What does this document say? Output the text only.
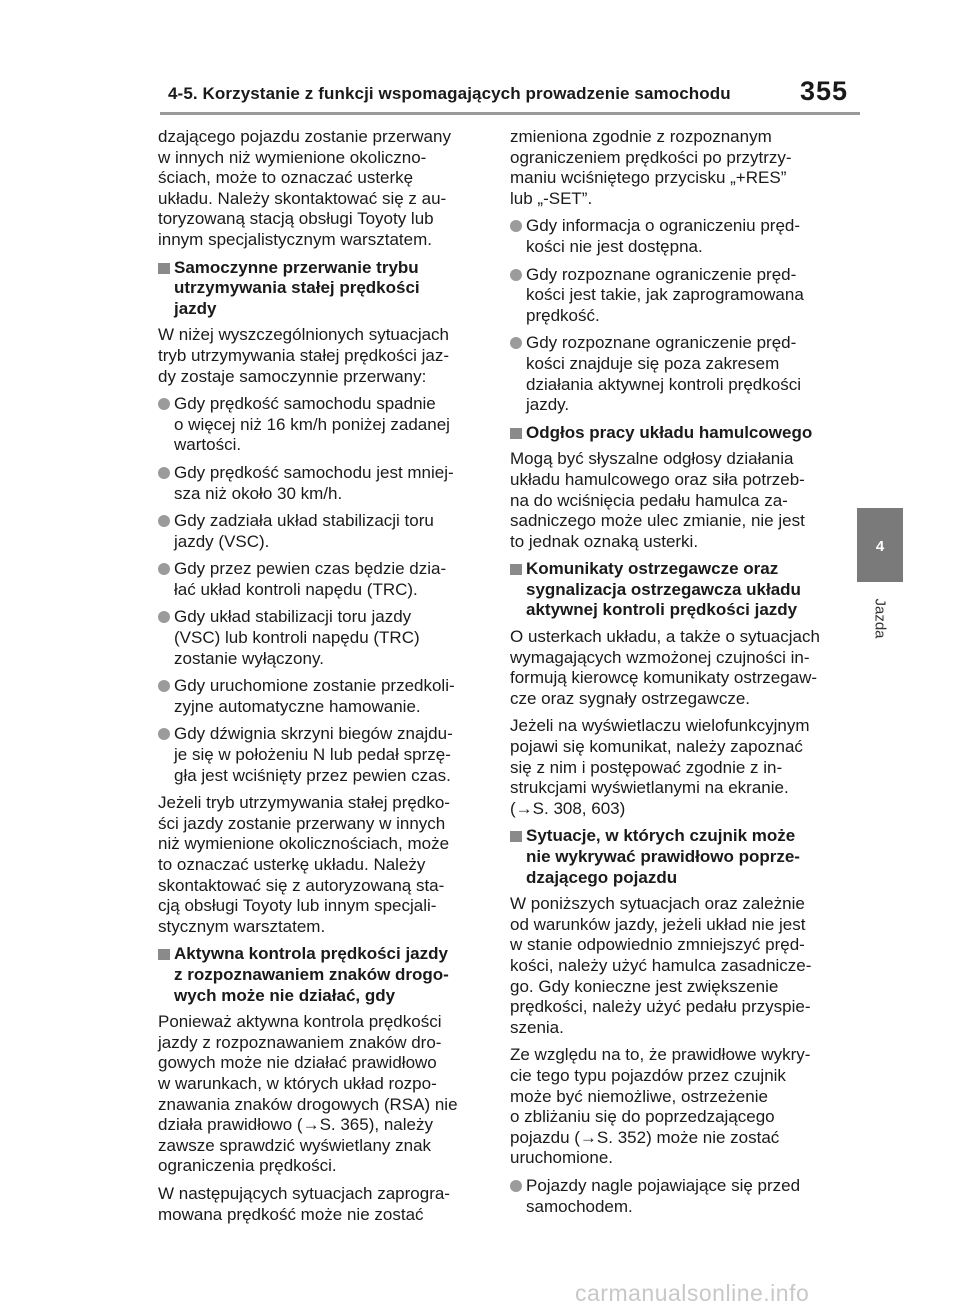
4-5. Korzystanie z funkcji wspomagających prowadzenie samochodu	355

dzającego pojazdu zostanie przerwany
w innych niż wymienione okoliczno-
ściach, może to oznaczać usterkę
układu. Należy skontaktować się z au-
toryzowaną stacją obsługi Toyoty lub
innym specjalistycznym warsztatem.

Samoczynne przerwanie trybu
utrzymywania stałej prędkości
jazdy

W niżej wyszczególnionych sytuacjach
tryb utrzymywania stałej prędkości jaz-
dy zostaje samoczynnie przerwany:

Gdy prędkość samochodu spadnie
o więcej niż 16 km/h poniżej zadanej
wartości.
Gdy prędkość samochodu jest mniej-
sza niż około 30 km/h.
Gdy zadziała układ stabilizacji toru
jazdy (VSC).
Gdy przez pewien czas będzie dzia-
łać układ kontroli napędu (TRC).
Gdy układ stabilizacji toru jazdy
(VSC) lub kontroli napędu (TRC)
zostanie wyłączony.
Gdy uruchomione zostanie przedkoli-
zyjne automatyczne hamowanie.
Gdy dźwignia skrzyni biegów znajdu-
je się w położeniu N lub pedał sprzę-
gła jest wciśnięty przez pewien czas.

Jeżeli tryb utrzymywania stałej prędko-
ści jazdy zostanie przerwany w innych
niż wymienione okolicznościach, może
to oznaczać usterkę układu. Należy
skontaktować się z autoryzowaną sta-
cją obsługi Toyoty lub innym specjali-
stycznym warsztatem.

Aktywna kontrola prędkości jazdy
z rozpoznawaniem znaków drogo-
wych może nie działać, gdy

Ponieważ aktywna kontrola prędkości
jazdy z rozpoznawaniem znaków dro-
gowych może nie działać prawidłowo
w warunkach, w których układ rozpo-
znawania znaków drogowych (RSA) nie
działa prawidłowo (→S. 365), należy
zawsze sprawdzić wyświetlany znak
ograniczenia prędkości.

W następujących sytuacjach zaprogra-
mowana prędkość może nie zostać

zmieniona zgodnie z rozpoznanym
ograniczeniem prędkości po przytrzy-
maniu wciśniętego przycisku „+RES”
lub „-SET”.

Gdy informacja o ograniczeniu pręd-
kości nie jest dostępna.
Gdy rozpoznane ograniczenie pręd-
kości jest takie, jak zaprogramowana
prędkość.
Gdy rozpoznane ograniczenie pręd-
kości znajduje się poza zakresem
działania aktywnej kontroli prędkości
jazdy.
Odgłos pracy układu hamulcowego

Mogą być słyszalne odgłosy działania
układu hamulcowego oraz siła potrzeb-
na do wciśnięcia pedału hamulca za-
sadniczego może ulec zmianie, nie jest
to jednak oznaką usterki.

Komunikaty ostrzegawcze oraz
sygnalizacja ostrzegawcza układu
aktywnej kontroli prędkości jazdy

O usterkach układu, a także o sytuacjach
wymagających wzmożonej czujności in-
formują kierowcę komunikaty ostrzegaw-
cze oraz sygnały ostrzegawcze.

Jeżeli na wyświetlaczu wielofunkcyjnym
pojawi się komunikat, należy zapoznać
się z nim i postępować zgodnie z in-
strukcjami wyświetlanymi na ekranie.
(→S. 308, 603)

Sytuacje, w których czujnik może
nie wykrywać prawidłowo poprze-
dzającego pojazdu

W poniższych sytuacjach oraz zależnie
od warunków jazdy, jeżeli układ nie jest
w stanie odpowiednio zmniejszyć pręd-
kości, należy użyć hamulca zasadnicze-
go. Gdy konieczne jest zwiększenie
prędkości, należy użyć pedału przyspie-
szenia.

Ze względu na to, że prawidłowe wykry-
cie tego typu pojazdów przez czujnik
może być niemożliwe, ostrzeżenie
o zbliżaniu się do poprzedzającego
pojazdu (→S. 352) może nie zostać
uruchomione.

Pojazdy nagle pojawiające się przed
samochodem.
4
Jazda
carmanualsonline.info
